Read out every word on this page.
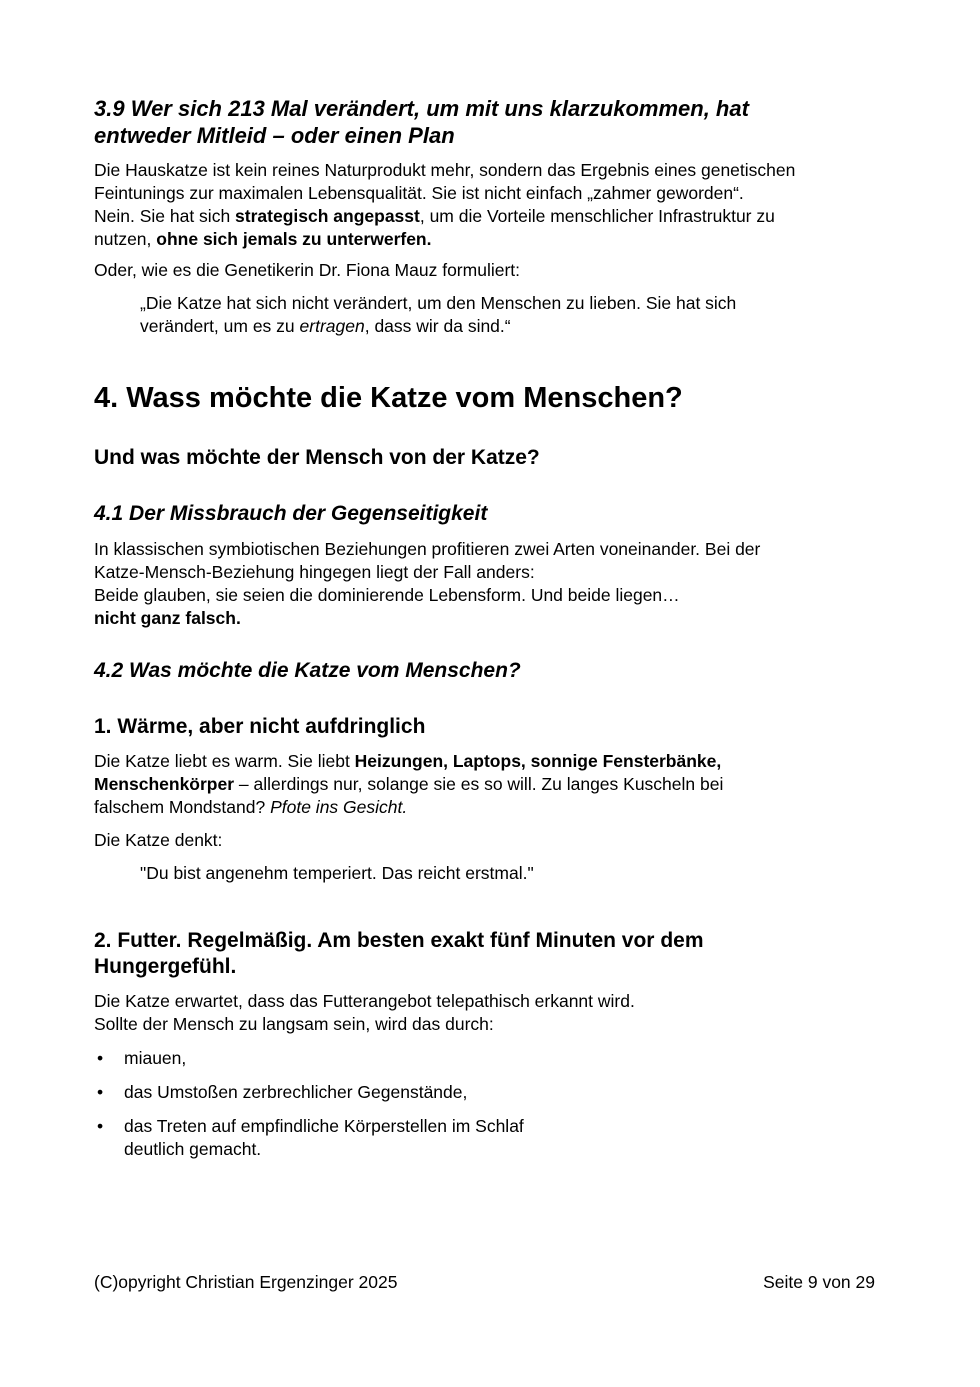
3.9 Wer sich 213 Mal verändert, um mit uns klarzukommen, hat
entweder Mitleid – oder einen Plan

Die Hauskatze ist kein reines Naturprodukt mehr, sondern das Ergebnis eines genetischen
Feintunings zur maximalen Lebensqualität. Sie ist nicht einfach „zahmer geworden“.
Nein. Sie hat sich strategisch angepasst, um die Vorteile menschlicher Infrastruktur zu
nutzen, ohne sich jemals zu unterwerfen.

Oder, wie es die Genetikerin Dr. Fiona Mauz formuliert:

„Die Katze hat sich nicht verändert, um den Menschen zu lieben. Sie hat sich
verändert, um es zu ertragen, dass wir da sind.“

4. Wass möchte die Katze vom Menschen?
Und was möchte der Mensch von der Katze?
4.1 Der Missbrauch der Gegenseitigkeit

In klassischen symbiotischen Beziehungen profitieren zwei Arten voneinander. Bei der
Katze-Mensch-Beziehung hingegen liegt der Fall anders:
Beide glauben, sie seien die dominierende Lebensform. Und beide liegen…
nicht ganz falsch.

4.2 Was möchte die Katze vom Menschen?
1. Wärme, aber nicht aufdringlich

Die Katze liebt es warm. Sie liebt Heizungen, Laptops, sonnige Fensterbänke,
Menschenkörper – allerdings nur, solange sie es so will. Zu langes Kuscheln bei
falschem Mondstand? Pfote ins Gesicht.

Die Katze denkt:

"Du bist angenehm temperiert. Das reicht erstmal."

2. Futter. Regelmäßig. Am besten exakt fünf Minuten vor dem
Hungergefühl.

Die Katze erwartet, dass das Futterangebot telepathisch erkannt wird.
Sollte der Mensch zu langsam sein, wird das durch:

• miauen,
• das Umstoßen zerbrechlicher Gegenstände,
• das Treten auf empfindliche Körperstellen im Schlaf
deutlich gemacht.
(C)opyright Christian Ergenzinger 2025	Seite 9 von 29
